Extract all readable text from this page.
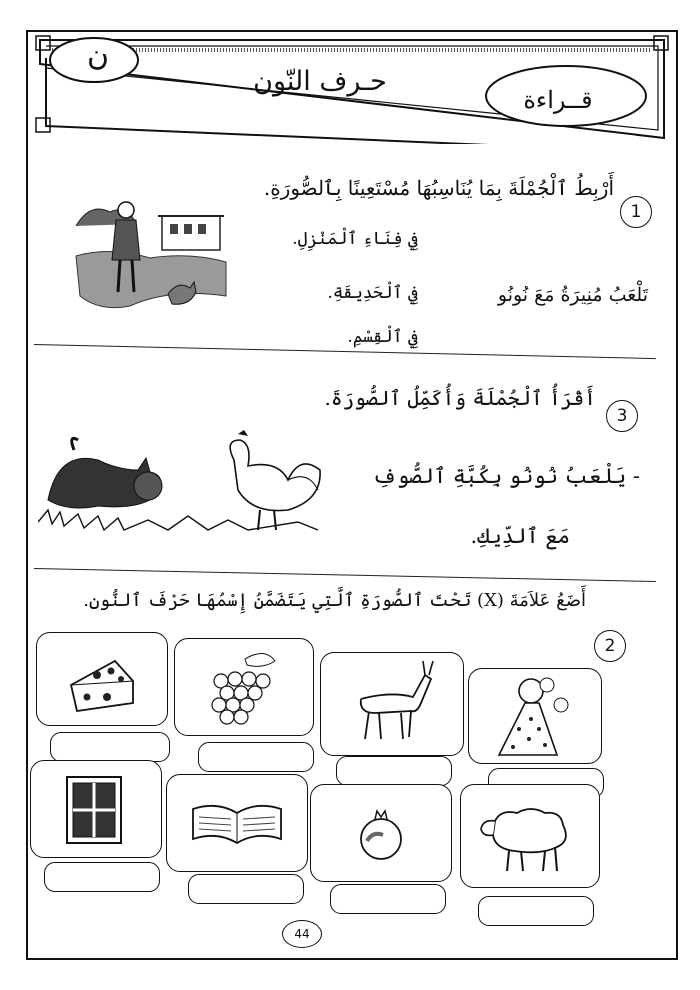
ن
حـرف النّون
قــراءة
1
أَرْبِطُ ٱلْجُمْلَةَ بِمَا يُنَاسِبُهَا مُسْتَعِينًا بِٱلصُّورَةِ.
فِي فِنَاءِ ٱلْمَنْزِلِ.
فِي ٱلْحَدِيقَةِ.
فِي ٱلْقِسْمِ.
تَلْعَبُ مُنِيرَةُ مَعَ نُونُو
3
أَقْرَأُ ٱلْجُمْلَةَ وَأُكَمِّلُ ٱلصُّورَةَ.
- يَلْعَبُ نُونُو بِكُبَّةِ ٱلصُّوفِ
مَعَ ٱلدِّيكِ.
2
أَضَعُ عَلاَمَةَ (X) تَحْتَ ٱلصُّورَةِ ٱلَّتِي يَتَضَمَّنُ إِسْمُهَا حَرْفَ ٱلنُّونِ.
44
